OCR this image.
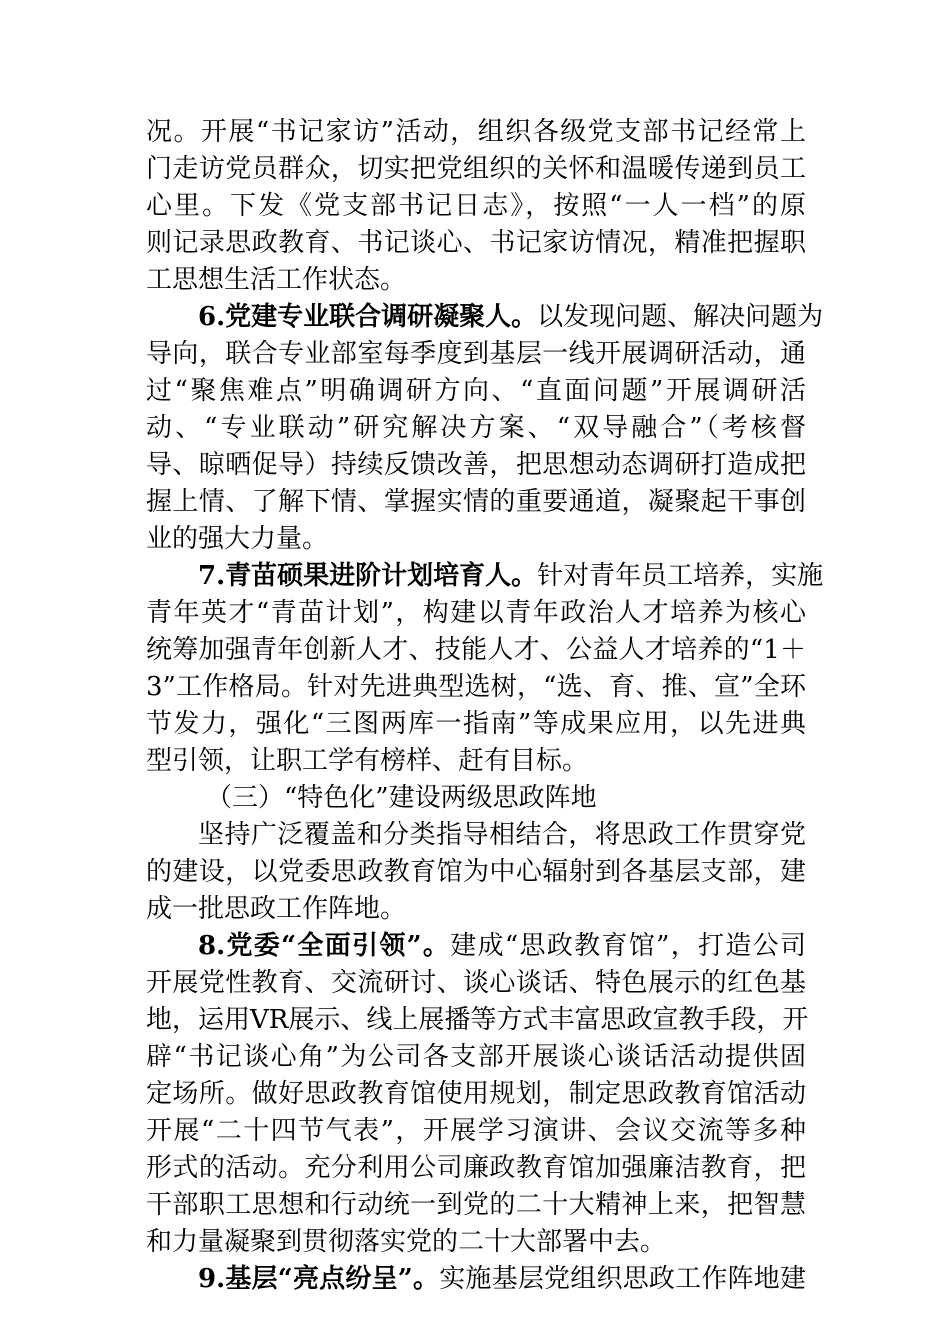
况。开展“书记家访”活动，组织各级党支部书记经常上
门走访党员群众，切实把党组织的关怀和温暖传递到员工
心里。下发《党支部书记日志》，按照“一人一档”的原
则记录思政教育、书记谈心、书记家访情况，精准把握职
工思想生活工作状态。
6.党建专业联合调研凝聚人。以发现问题、解决问题为
导向，联合专业部室每季度到基层一线开展调研活动，通
过“聚焦难点”明确调研方向、“直面问题”开展调研活
动、“专业联动”研究解决方案、“双导融合”（考核督
导、晾晒促导）持续反馈改善，把思想动态调研打造成把
握上情、了解下情、掌握实情的重要通道，凝聚起干事创
业的强大力量。
7.青苗硕果进阶计划培育人。针对青年员工培养，实施
青年英才“青苗计划”，构建以青年政治人才培养为核心
统筹加强青年创新人才、技能人才、公益人才培养的“1＋
3”工作格局。针对先进典型选树，“选、育、推、宣”全环
节发力，强化“三图两库一指南”等成果应用，以先进典
型引领，让职工学有榜样、赶有目标。
（三）“特色化”建设两级思政阵地
坚持广泛覆盖和分类指导相结合，将思政工作贯穿党
的建设，以党委思政教育馆为中心辐射到各基层支部，建
成一批思政工作阵地。
8.党委“全面引领”。建成“思政教育馆”，打造公司
开展党性教育、交流研讨、谈心谈话、特色展示的红色基
地，运用VR展示、线上展播等方式丰富思政宣教手段，开
辟“书记谈心角”为公司各支部开展谈心谈话活动提供固
定场所。做好思政教育馆使用规划，制定思政教育馆活动
开展“二十四节气表”，开展学习演讲、会议交流等多种
形式的活动。充分利用公司廉政教育馆加强廉洁教育，把
干部职工思想和行动统一到党的二十大精神上来，把智慧
和力量凝聚到贯彻落实党的二十大部署中去。
9.基层“亮点纷呈”。实施基层党组织思政工作阵地建
